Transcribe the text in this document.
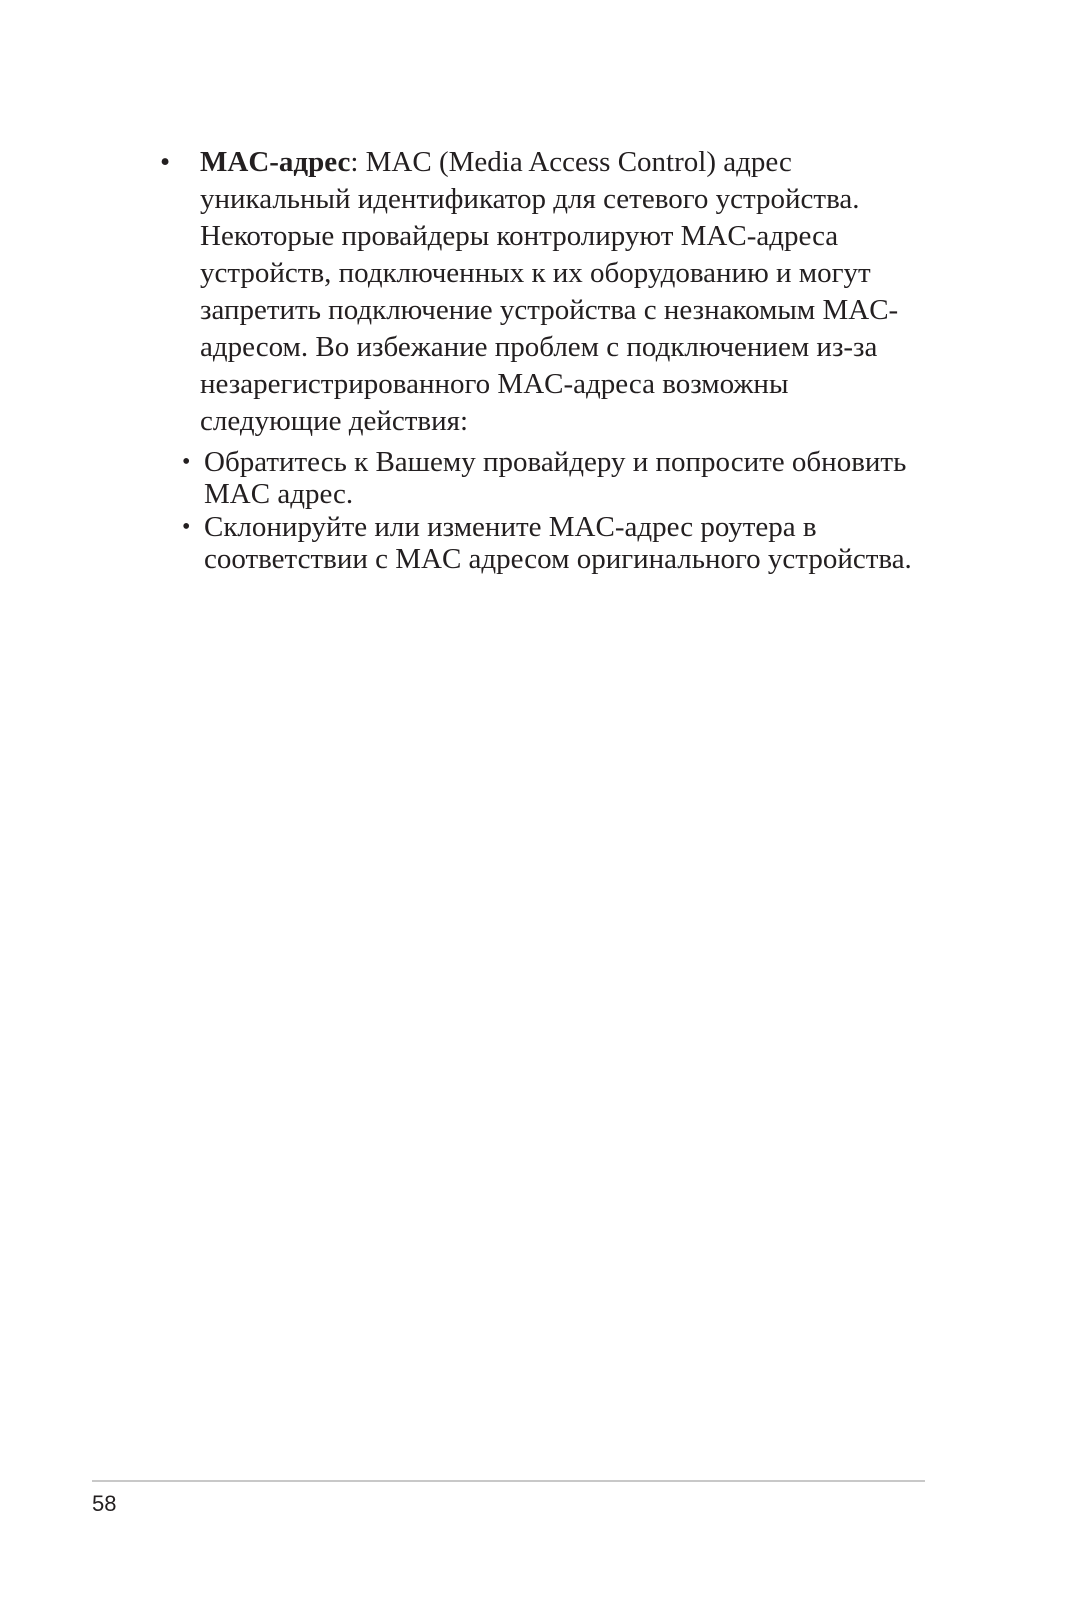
• MAC-адрес: MAC (Media Access Control) адрес уникальный идентификатор для сетевого устройства. Некоторые провайдеры контролируют MAC-адреса устройств, подключенных к их оборудованию и могут запретить подключение устройства с незнакомым MAC-адресом. Во избежание проблем с подключением из-за незарегистрированного MAC-адреса возможны следующие действия:
• Обратитесь к Вашему провайдеру и попросите обновить MAC адрес.
• Склонируйте или измените MAC-адрес роутера в соответствии с MAC адресом оригинального устройства.
58
